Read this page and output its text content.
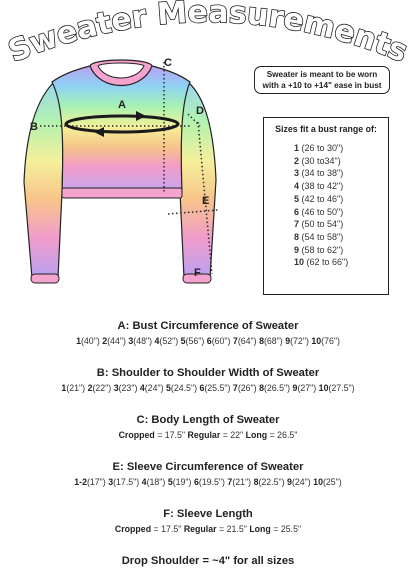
Sweater Measurements
A
B
C
D
E
F
Sweater is meant to be worn
with a +10 to +14" ease in bust
Sizes fit a bust range of:
1 (26 to 30")
2 (30 to34")
3 (34 to 38")
4 (38 to 42")
5 (42 to 46")
6 (46 to 50")
7 (50 to 54")
8 (54 to 58")
9 (58 to 62")
10 (62 to 66")
A: Bust Circumference of Sweater
1(40") 2(44") 3(48") 4(52") 5(56") 6(60") 7(64") 8(68") 9(72") 10(76")
B: Shoulder to Shoulder Width of Sweater
1(21") 2(22") 3(23") 4(24") 5(24.5") 6(25.5") 7(26") 8(26.5") 9(27") 10(27.5")
C: Body Length of Sweater
Cropped = 17.5" Regular = 22" Long = 26.5"
E: Sleeve Circumference of Sweater
1-2(17") 3(17.5") 4(18") 5(19") 6(19.5") 7(21") 8(22.5") 9(24") 10(25")
F: Sleeve Length
Cropped = 17.5" Regular = 21.5" Long = 25.5"
Drop Shoulder = ~4" for all sizes
